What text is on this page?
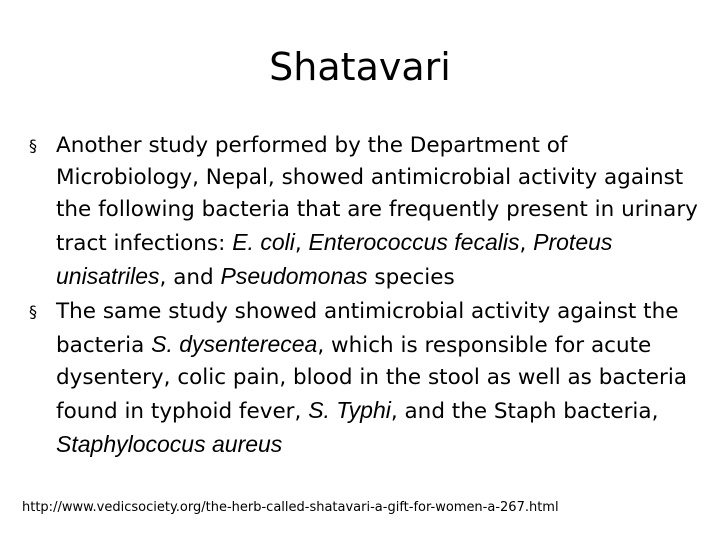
Shatavari
§ Another study performed by the Department of Microbiology, Nepal, showed antimicrobial activity against the following bacteria that are frequently present in urinary tract infections: E. coli, Enterococcus fecalis, Proteus unisatriles, and Pseudomonas species
§ The same study showed antimicrobial activity against the bacteria S. dysenterecea, which is responsible for acute dysentery, colic pain, blood in the stool as well as bacteria found in typhoid fever, S. Typhi, and the Staph bacteria, Staphylococus aureus

http://www.vedicsociety.org/the-herb-called-shatavari-a-gift-for-women-a-267.html
